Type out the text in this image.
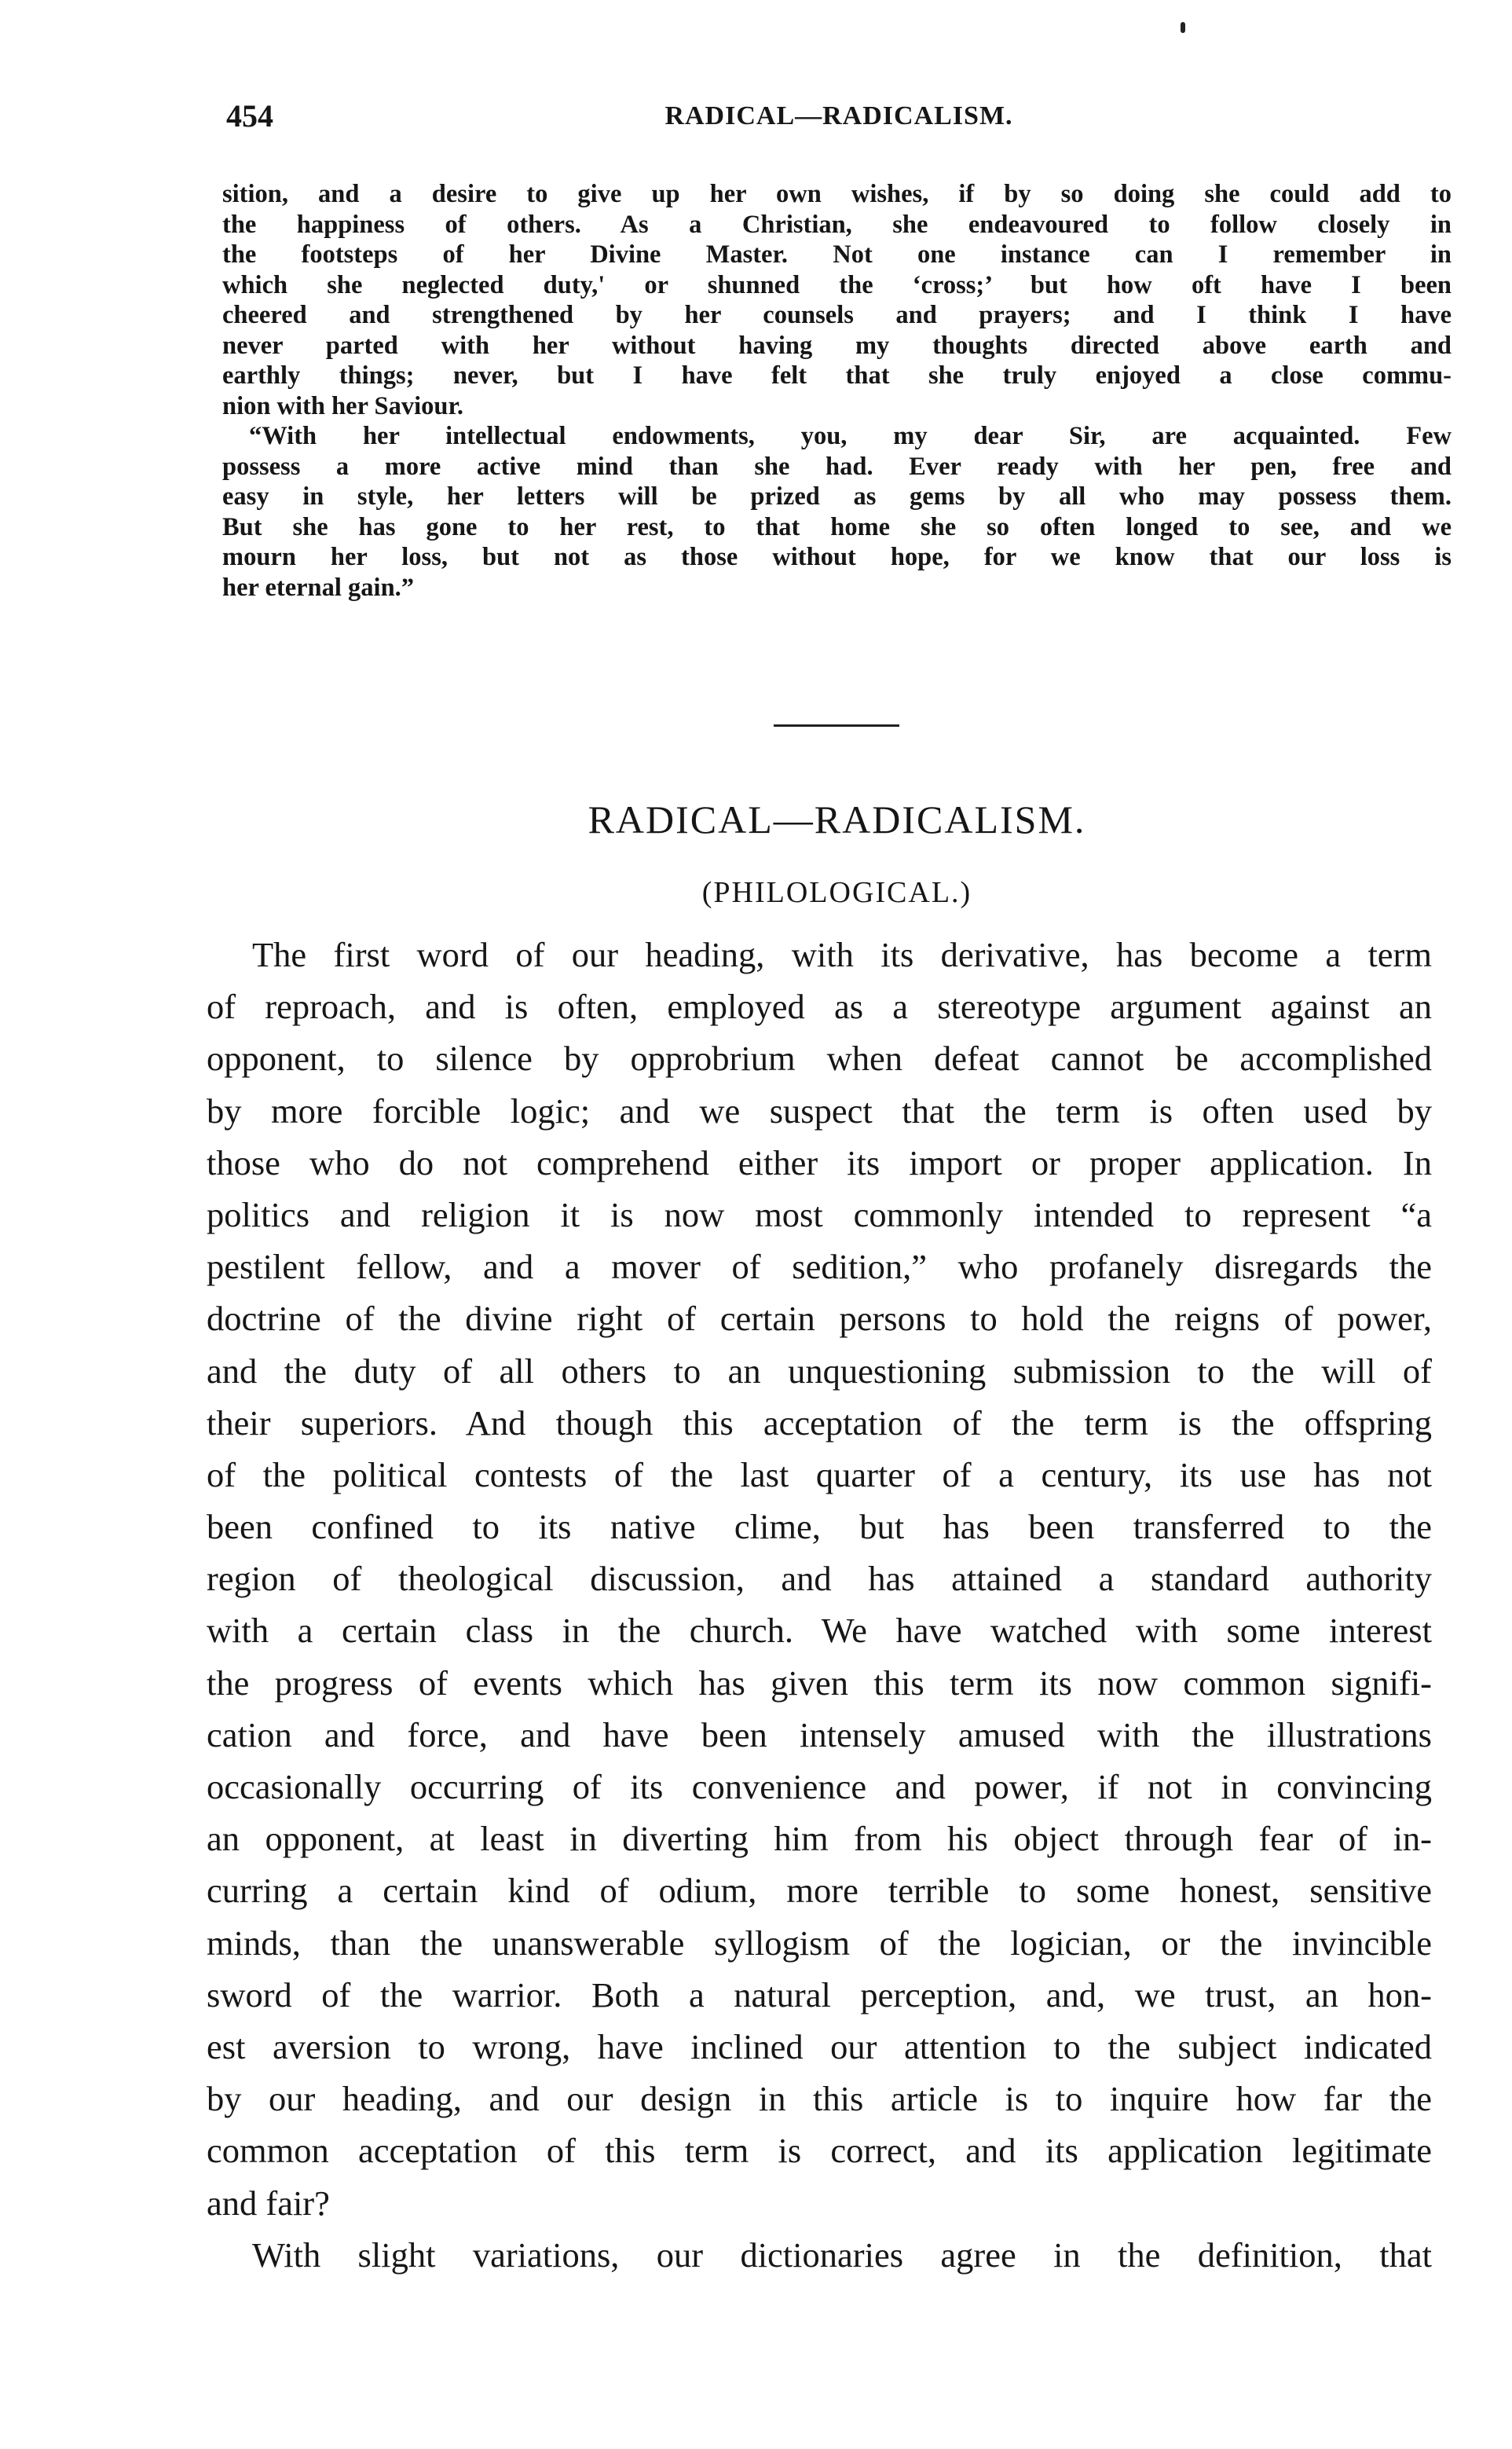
454	RADICAL—RADICALISM.
sition, and a desire to give up her own wishes, if by so doing she could add to
the happiness of others. As a Christian, she endeavoured to follow closely in
the footsteps of her Divine Master. Not one instance can I remember in
which she neglected duty,' or shunned the ‘cross;’ but how oft have I been
cheered and strengthened by her counsels and prayers; and I think I have
never parted with her without having my thoughts directed above earth and
earthly things; never, but I have felt that she truly enjoyed a close commu-
nion with her Saviour.
“With her intellectual endowments, you, my dear Sir, are acquainted. Few
possess a more active mind than she had. Ever ready with her pen, free and
easy in style, her letters will be prized as gems by all who may possess them.
But she has gone to her rest, to that home she so often longed to see, and we
mourn her loss, but not as those without hope, for we know that our loss is
her eternal gain.”
RADICAL—RADICALISM.
(PHILOLOGICAL.)
The first word of our heading, with its derivative, has become a term
of reproach, and is often, employed as a stereotype argument against an
opponent, to silence by opprobrium when defeat cannot be accomplished
by more forcible logic; and we suspect that the term is often used by
those who do not comprehend either its import or proper application. In
politics and religion it is now most commonly intended to represent “a
pestilent fellow, and a mover of sedition,” who profanely disregards the
doctrine of the divine right of certain persons to hold the reigns of power,
and the duty of all others to an unquestioning submission to the will of
their superiors. And though this acceptation of the term is the offspring
of the political contests of the last quarter of a century, its use has not
been confined to its native clime, but has been transferred to the
region of theological discussion, and has attained a standard authority
with a certain class in the church. We have watched with some interest
the progress of events which has given this term its now common signifi-
cation and force, and have been intensely amused with the illustrations
occasionally occurring of its convenience and power, if not in convincing
an opponent, at least in diverting him from his object through fear of in-
curring a certain kind of odium, more terrible to some honest, sensitive
minds, than the unanswerable syllogism of the logician, or the invincible
sword of the warrior. Both a natural perception, and, we trust, an hon-
est aversion to wrong, have inclined our attention to the subject indicated
by our heading, and our design in this article is to inquire how far the
common acceptation of this term is correct, and its application legitimate
and fair?
With slight variations, our dictionaries agree in the definition, that
